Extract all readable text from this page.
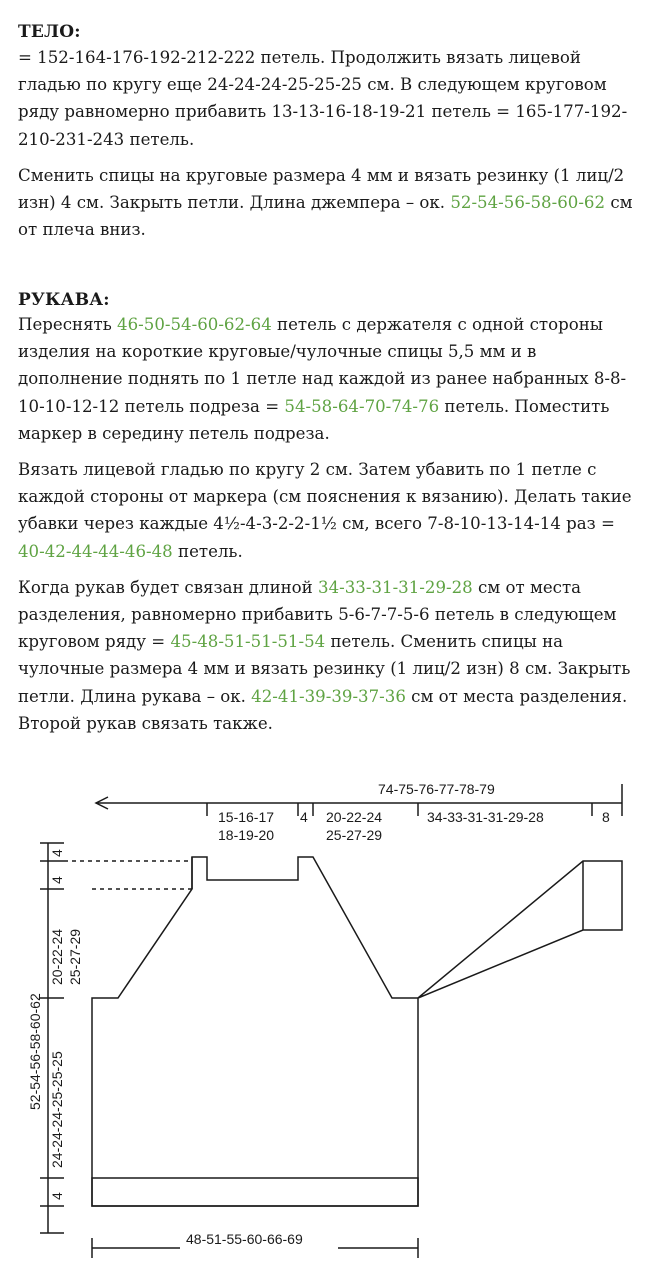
ТЕЛО:

= 152-164-176-192-212-222 петель. Продолжить вязать лицевой гладью по кругу еще 24-24-24-25-25-25 см. В следующем круговом ряду равномерно прибавить 13-13-16-18-19-21 петель = 165-177-192-210-231-243 петель.

Сменить спицы на круговые размера 4 мм и вязать резинку (1 лиц/2 изн) 4 см. Закрыть петли. Длина джемпера – ок. 52-54-56-58-60-62 см от плеча вниз.

РУКАВА:

Переснять 46-50-54-60-62-64 петель с держателя с одной стороны изделия на короткие круговые/чулочные спицы 5,5 мм и в дополнение поднять по 1 петле над каждой из ранее набранных 8-8-10-10-12-12 петель подреза = 54-58-64-70-74-76 петель. Поместить маркер в середину петель подреза.

Вязать лицевой гладью по кругу 2 см. Затем убавить по 1 петле с каждой стороны от маркера (см пояснения к вязанию). Делать такие убавки через каждые 4½-4-3-2-2-1½ см, всего 7-8-10-13-14-14 раз = 40-42-44-44-46-48 петель.

Когда рукав будет связан длиной 34-33-31-31-29-28 см от места разделения, равномерно прибавить 5-6-7-7-5-6 петель в следующем круговом ряду = 45-48-51-51-51-54 петель. Сменить спицы на чулочные размера 4 мм и вязать резинку (1 лиц/2 изн) 8 см. Закрыть петли. Длина рукава – ок. 42-41-39-39-37-36 см от места разделения. Второй рукав связать также.

74-75-76-77-78-79
15-16-17
18-19-20
4 20-22-24
25-27-29
34-33-31-31-29-28	8
4
4
20-22-24 25-27-29
52-54-56-58-60-62 24-24-24-25-25-25
4
48-51-55-60-66-69
